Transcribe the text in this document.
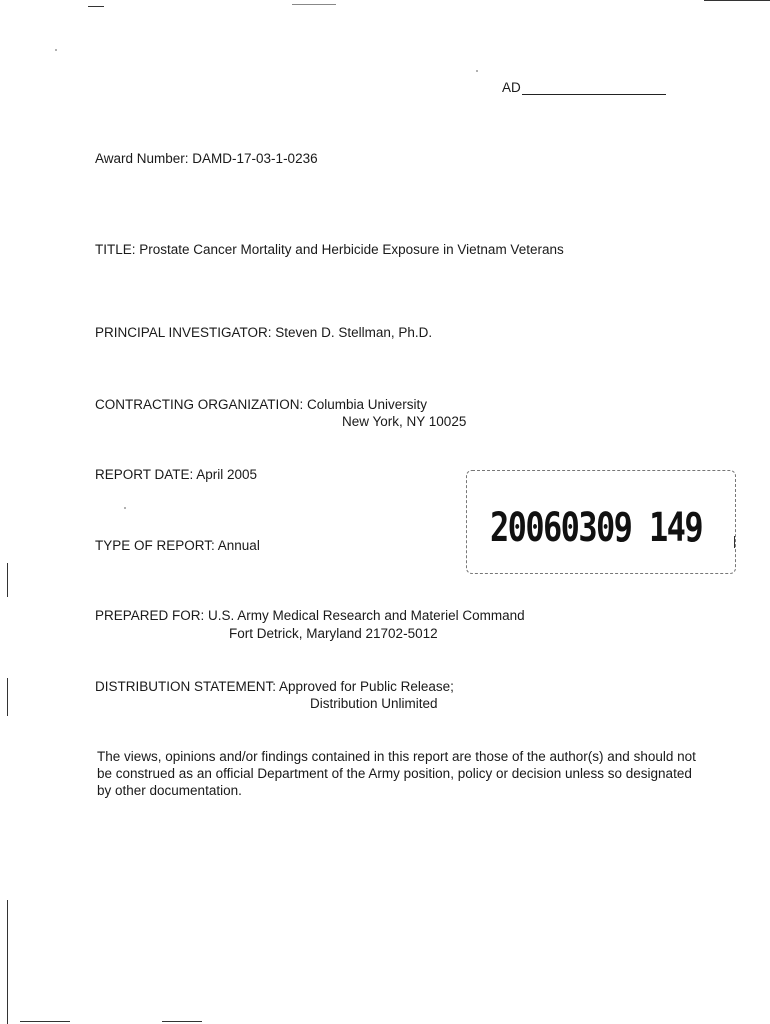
AD
Award Number: DAMD-17-03-1-0236
TITLE: Prostate Cancer Mortality and Herbicide Exposure in Vietnam Veterans
PRINCIPAL INVESTIGATOR: Steven D. Stellman, Ph.D.
CONTRACTING ORGANIZATION: Columbia University
New York, NY 10025
REPORT DATE: April 2005
20060309 149
TYPE OF REPORT: Annual
PREPARED FOR: U.S. Army Medical Research and Materiel Command
Fort Detrick, Maryland 21702-5012
DISTRIBUTION STATEMENT: Approved for Public Release;
Distribution Unlimited
The views, opinions and/or findings contained in this report are those of the author(s) and should not be construed as an official Department of the Army position, policy or decision unless so designated by other documentation.
